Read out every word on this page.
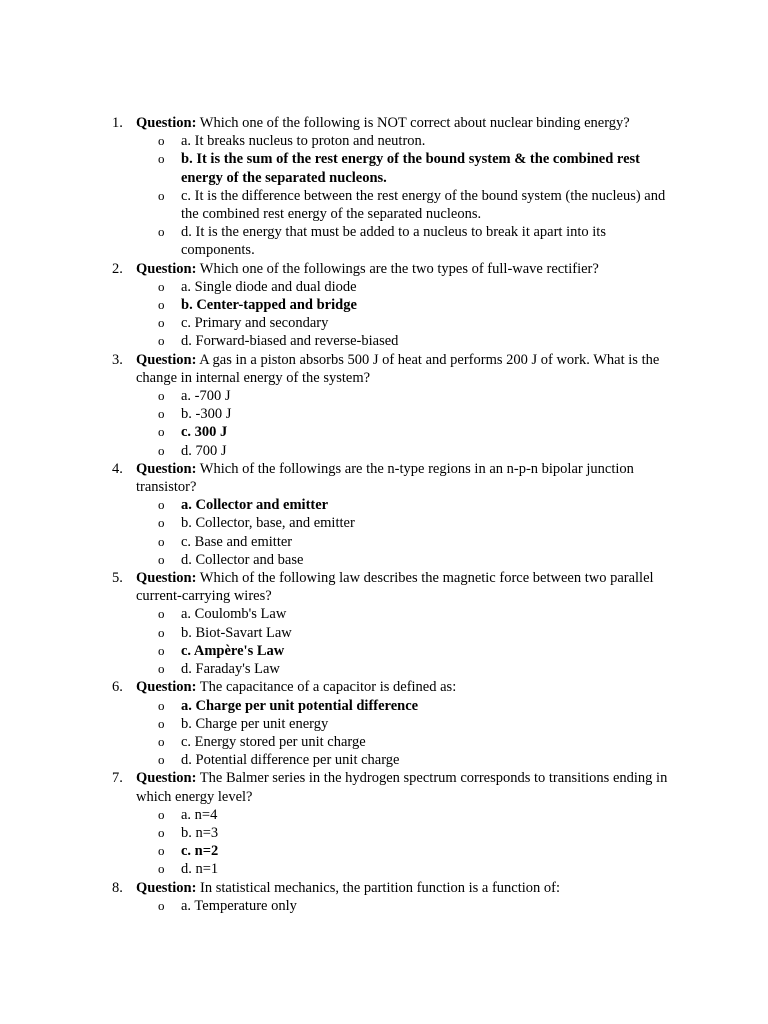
1. Question: Which one of the following is NOT correct about nuclear binding energy?
o a. It breaks nucleus to proton and neutron.
o b. It is the sum of the rest energy of the bound system & the combined rest energy of the separated nucleons.
o c. It is the difference between the rest energy of the bound system (the nucleus) and the combined rest energy of the separated nucleons.
o d. It is the energy that must be added to a nucleus to break it apart into its components.
2. Question: Which one of the followings are the two types of full-wave rectifier?
o a. Single diode and dual diode
o b. Center-tapped and bridge
o c. Primary and secondary
o d. Forward-biased and reverse-biased
3. Question: A gas in a piston absorbs 500 J of heat and performs 200 J of work. What is the change in internal energy of the system?
o a. -700 J
o b. -300 J
o c. 300 J
o d. 700 J
4. Question: Which of the followings are the n-type regions in an n-p-n bipolar junction transistor?
o a. Collector and emitter
o b. Collector, base, and emitter
o c. Base and emitter
o d. Collector and base
5. Question: Which of the following law describes the magnetic force between two parallel current-carrying wires?
o a. Coulomb's Law
o b. Biot-Savart Law
o c. Ampère's Law
o d. Faraday's Law
6. Question: The capacitance of a capacitor is defined as:
o a. Charge per unit potential difference
o b. Charge per unit energy
o c. Energy stored per unit charge
o d. Potential difference per unit charge
7. Question: The Balmer series in the hydrogen spectrum corresponds to transitions ending in which energy level?
o a. n=4
o b. n=3
o c. n=2
o d. n=1
8. Question: In statistical mechanics, the partition function is a function of:
o a. Temperature only
